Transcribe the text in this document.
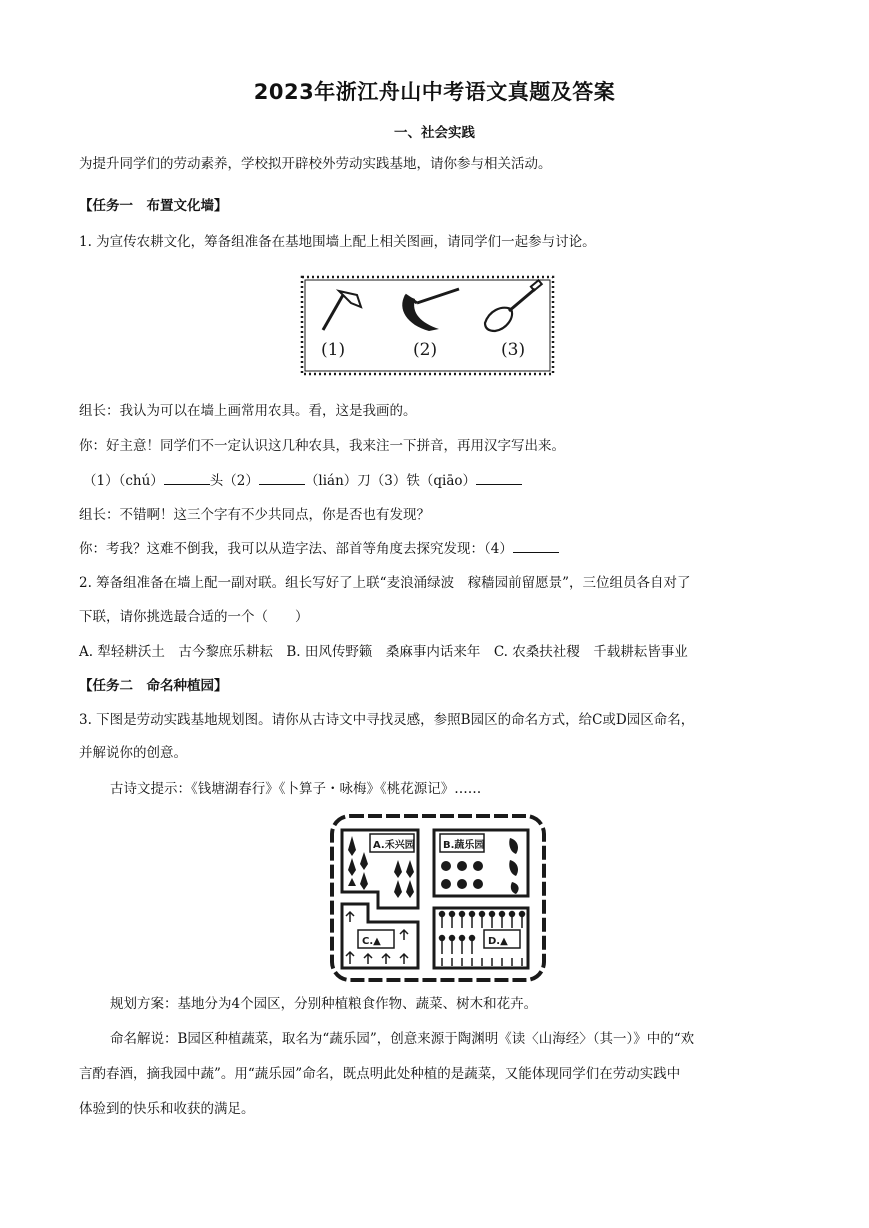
2023年浙江舟山中考语文真题及答案
一、社会实践
为提升同学们的劳动素养，学校拟开辟校外劳动实践基地，请你参与相关活动。
【任务一　布置文化墙】
1. 为宣传农耕文化，筹备组准备在基地围墙上配上相关图画，请同学们一起参与讨论。
(1)	(2)	(3)
组长：我认为可以在墙上画常用农具。看，这是我画的。
你：好主意！同学们不一定认识这几种农具，我来注一下拼音，再用汉字写出来。
（1）（chú）	头（2）	（lián）刀（3）铁（qiāo）
组长：不错啊！这三个字有不少共同点，你是否也有发现？
你：考我？这难不倒我，我可以从造字法、部首等角度去探究发现：（4）
2. 筹备组准备在墙上配一副对联。组长写好了上联“麦浪涌绿波　稼穑园前留愿景”，三位组员各自对了
下联，请你挑选最合适的一个（　　）
A. 犁轻耕沃土　古今黎庶乐耕耘　B. 田风传野籁　桑麻事内话来年　C. 农桑扶社稷　千载耕耘皆事业
【任务二　命名种植园】
3. 下图是劳动实践基地规划图。请你从古诗文中寻找灵感，参照B园区的命名方式，给C或D园区命名，
并解说你的创意。
古诗文提示：《钱塘湖春行》《卜算子・咏梅》《桃花源记》……
A.禾兴园	B.蔬乐园
C.▲	D.▲
规划方案：基地分为4个园区，分别种植粮食作物、蔬菜、树木和花卉。
命名解说：B园区种植蔬菜，取名为“蔬乐园”，创意来源于陶渊明《读〈山海经〉（其一）》中的“欢
言酌春酒，摘我园中蔬”。用“蔬乐园”命名，既点明此处种植的是蔬菜，又能体现同学们在劳动实践中
体验到的快乐和收获的满足。
